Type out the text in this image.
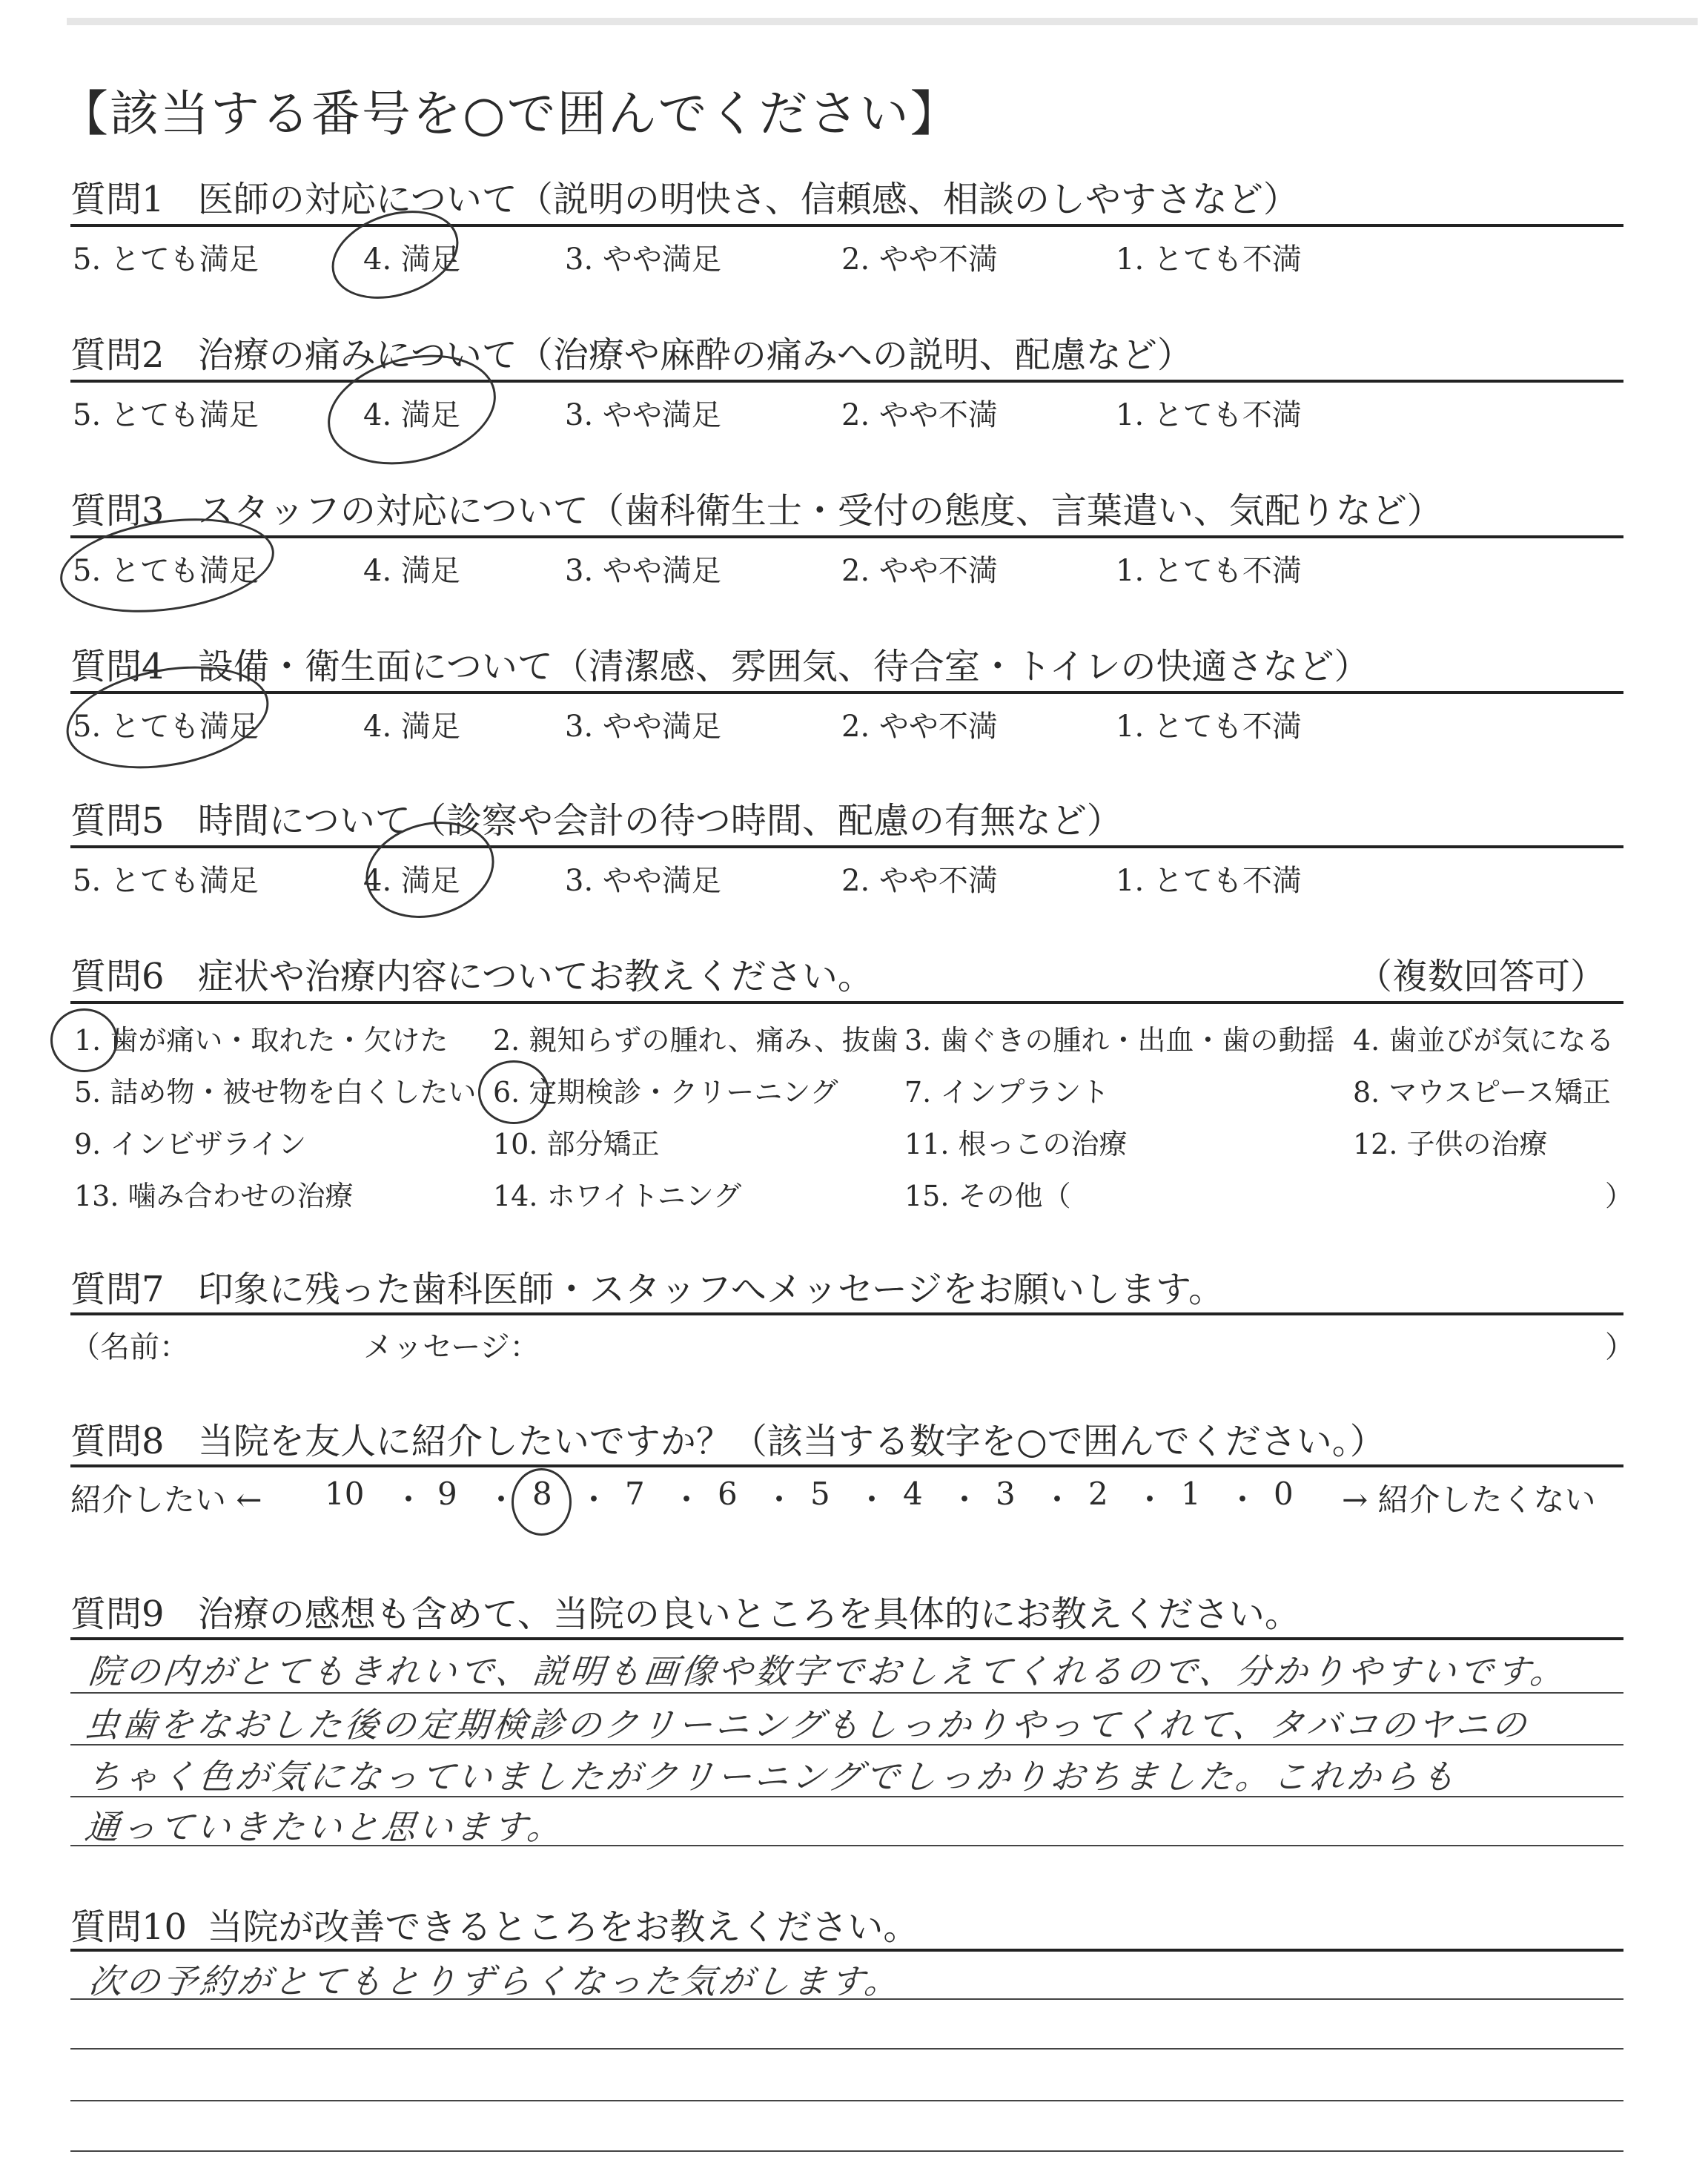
【該当する番号を○で囲んでください】
質問1 医師の対応について（説明の明快さ、信頼感、相談のしやすさなど）
5. とても満足	4. 満足	3. やや満足	2. やや不満	1. とても不満
質問2 治療の痛みについて（治療や麻酔の痛みへの説明、配慮など）
5. とても満足	4. 満足	3. やや満足	2. やや不満	1. とても不満
質問3 スタッフの対応について（歯科衛生士・受付の態度、言葉遣い、気配りなど）
5. とても満足	4. 満足	3. やや満足	2. やや不満	1. とても不満
質問4 設備・衛生面について（清潔感、雰囲気、待合室・トイレの快適さなど）
5. とても満足	4. 満足	3. やや満足	2. やや不満	1. とても不満
質問5 時間について（診察や会計の待つ時間、配慮の有無など）
5. とても満足	4. 満足	3. やや満足	2. やや不満	1. とても不満
質問6 症状や治療内容についてお教えください。	（複数回答可）
1. 歯が痛い・取れた・欠けた 2. 親知らずの腫れ、痛み、抜歯 3. 歯ぐきの腫れ・出血・歯の動揺 4. 歯並びが気になる
5. 詰め物・被せ物を白くしたい 6. 定期検診・クリーニング 7. インプラント	8. マウスピース矯正
9. インビザライン	10. 部分矯正	11. 根っこの治療	12. 子供の治療
13. 噛み合わせの治療	14. ホワイトニング	15. その他（	）
質問7 印象に残った歯科医師・スタッフへメッセージをお願いします。
（名前：	メッセージ：	）
質問8 当院を友人に紹介したいですか？（該当する数字を○で囲んでください。）
紹介したい ← 10 ・ 9 ・ 8 ・ 7 ・ 6 ・ 5 ・ 4 ・ 3 ・ 2 ・ 1 ・ 0 → 紹介したくない
質問9 治療の感想も含めて、当院の良いところを具体的にお教えください。
院の内がとてもきれいで、説明も画像や数字でおしえてくれるので、分かりやすいです。
虫歯をなおした後の定期検診のクリーニングもしっかりやってくれて、タバコのヤニの
ちゃく色が気になっていましたがクリーニングでしっかりおちました。これからも
通っていきたいと思います。
質問10 当院が改善できるところをお教えください。
次の予約がとてもとりずらくなった気がします。
